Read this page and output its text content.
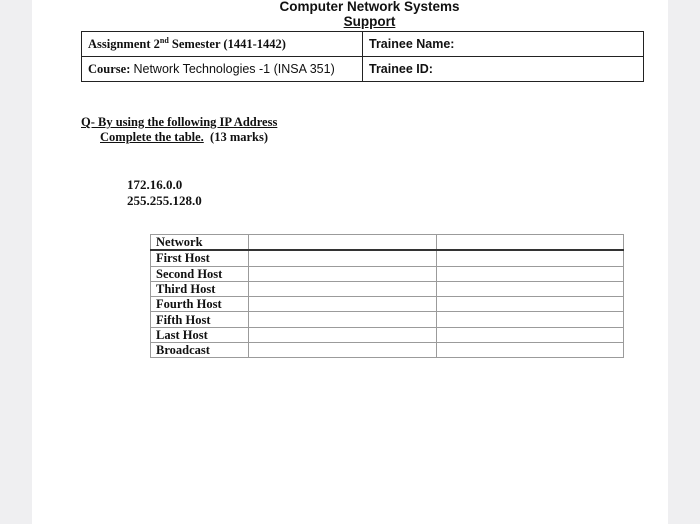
Computer Network Systems
Support
Assignment 2nd Semester (1441-1442)	Trainee Name:
Course: Network Technologies -1 (INSA 351)	Trainee ID:
Q- By using the following IP Address
Complete the table.  (13 marks)
172.16.0.0
255.255.128.0
Network		
First Host		
Second Host		
Third Host		
Fourth Host		
Fifth Host		
Last Host		
Broadcast		
